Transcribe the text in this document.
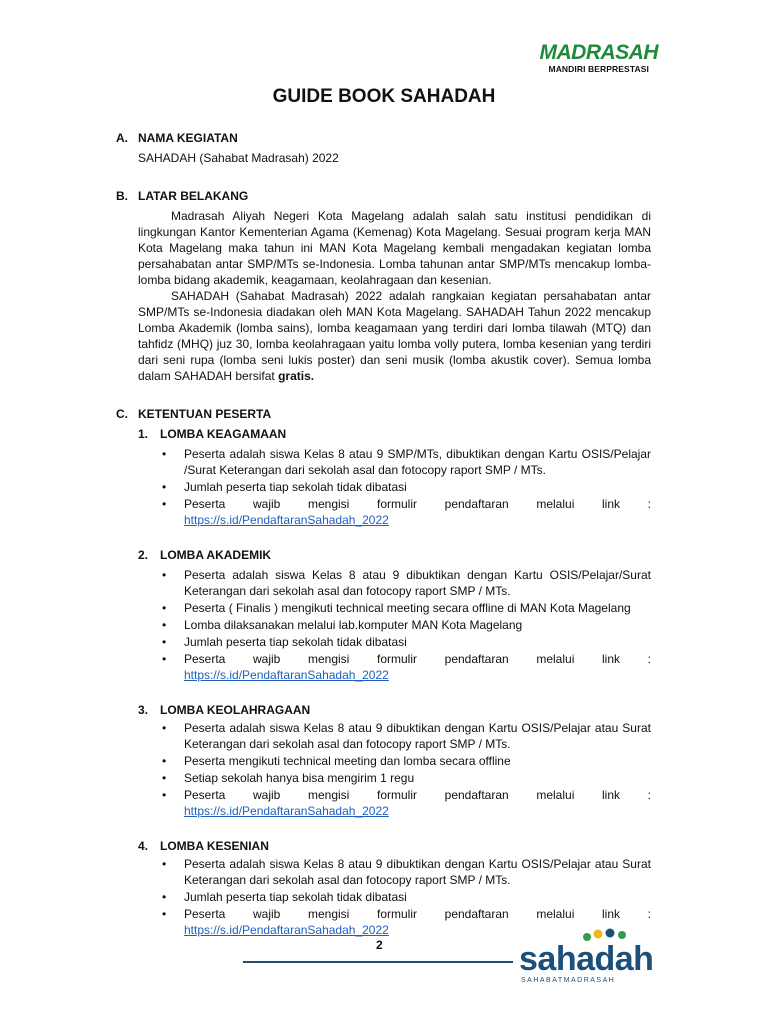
MADRASAH
MANDIRI BERPRESTASI
GUIDE BOOK SAHADAH
A. NAMA KEGIATAN
SAHADAH (Sahabat Madrasah) 2022
B. LATAR BELAKANG
Madrasah Aliyah Negeri Kota Magelang adalah salah satu institusi pendidikan di lingkungan Kantor Kementerian Agama (Kemenag) Kota Magelang. Sesuai program kerja MAN Kota Magelang maka tahun ini MAN Kota Magelang kembali mengadakan kegiatan lomba persahabatan antar SMP/MTs se-Indonesia. Lomba tahunan antar SMP/MTs mencakup lomba-lomba bidang akademik, keagamaan, keolahragaan dan kesenian.
SAHADAH (Sahabat Madrasah) 2022 adalah rangkaian kegiatan persahabatan antar SMP/MTs se-Indonesia diadakan oleh MAN Kota Magelang. SAHADAH Tahun 2022 mencakup Lomba Akademik (lomba sains), lomba keagamaan yang terdiri dari lomba tilawah (MTQ) dan tahfidz (MHQ) juz 30, lomba keolahragaan yaitu lomba volly putera, lomba kesenian yang terdiri dari seni rupa (lomba seni lukis poster) dan seni musik (lomba akustik cover). Semua lomba dalam SAHADAH bersifat gratis.
C. KETENTUAN PESERTA
1. LOMBA KEAGAMAAN
• Peserta adalah siswa Kelas 8 atau 9 SMP/MTs, dibuktikan dengan Kartu OSIS/Pelajar /Surat Keterangan dari sekolah asal dan fotocopy raport SMP / MTs.
• Jumlah peserta tiap sekolah tidak dibatasi
• Peserta wajib mengisi formulir pendaftaran melalui link :
https://s.id/PendaftaranSahadah_2022
2. LOMBA AKADEMIK
• Peserta adalah siswa Kelas 8 atau 9 dibuktikan dengan Kartu OSIS/Pelajar/Surat Keterangan dari sekolah asal dan fotocopy raport SMP / MTs.
• Peserta ( Finalis ) mengikuti technical meeting secara offline di MAN Kota Magelang
• Lomba dilaksanakan melalui lab.komputer MAN Kota Magelang
• Jumlah peserta tiap sekolah tidak dibatasi
• Peserta wajib mengisi formulir pendaftaran melalui link :
https://s.id/PendaftaranSahadah_2022
3. LOMBA KEOLAHRAGAAN
• Peserta adalah siswa Kelas 8 atau 9 dibuktikan dengan Kartu OSIS/Pelajar atau Surat Keterangan dari sekolah asal dan fotocopy raport SMP / MTs.
• Peserta mengikuti technical meeting dan lomba secara offline
• Setiap sekolah hanya bisa mengirim 1 regu
• Peserta wajib mengisi formulir pendaftaran melalui link :
https://s.id/PendaftaranSahadah_2022
4. LOMBA KESENIAN
• Peserta adalah siswa Kelas 8 atau 9 dibuktikan dengan Kartu OSIS/Pelajar atau Surat Keterangan dari sekolah asal dan fotocopy raport SMP / MTs.
• Jumlah peserta tiap sekolah tidak dibatasi
• Peserta wajib mengisi formulir pendaftaran melalui link :
https://s.id/PendaftaranSahadah_2022
2	sahadah
SAHABATMADRASAH
